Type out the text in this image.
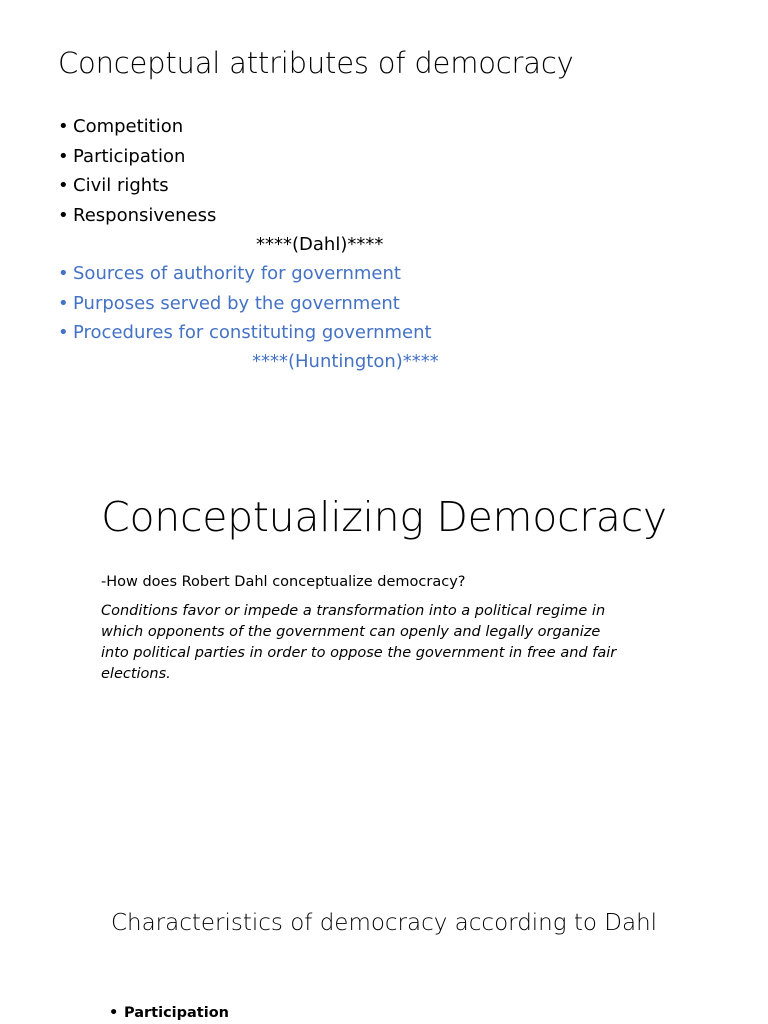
Conceptual attributes of democracy
• Competition
• Participation
• Civil rights
• Responsiveness
****(Dahl)****
• Sources of authority for government
• Purposes served by the government
• Procedures for constituting government
****(Huntington)****
Conceptualizing Democracy
-How does Robert Dahl conceptualize democracy?
Conditions favor or impede a transformation into a political regime in
which opponents of the government can openly and legally organize
into political parties in order to oppose the government in free and fair
elections.
Characteristics of democracy according to Dahl
• Participation
